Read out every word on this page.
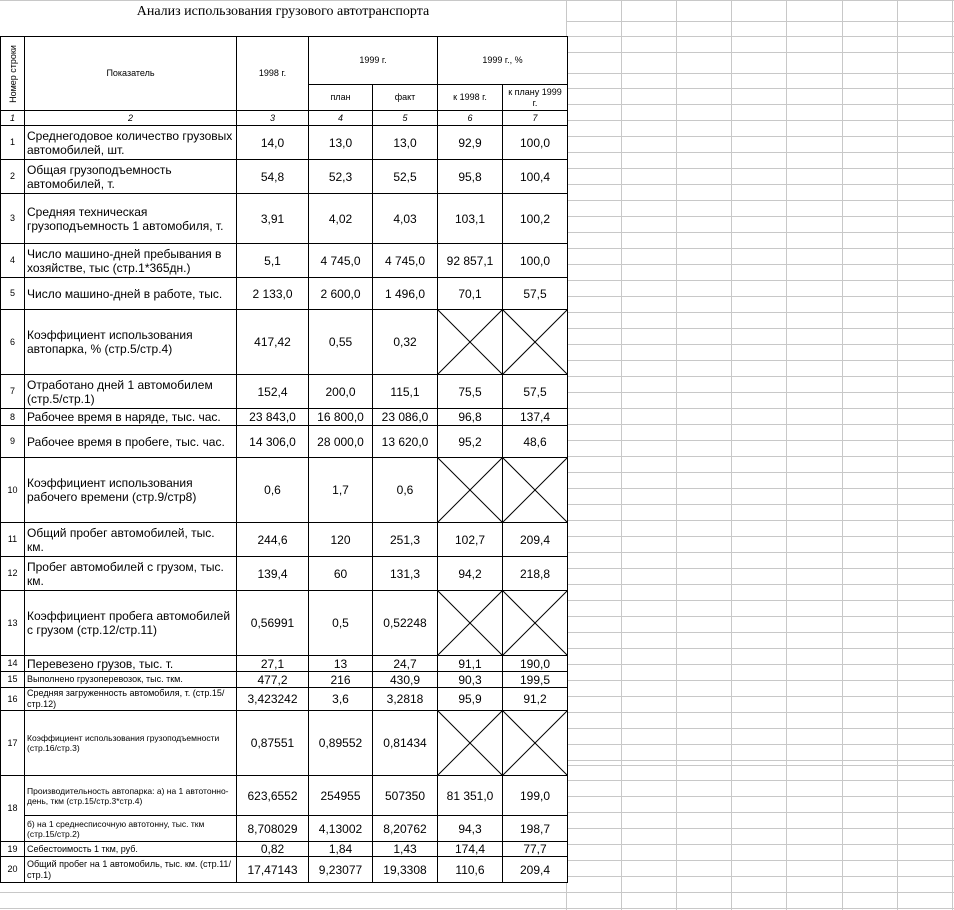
Анализ использования грузового автотранспорта
Номер строки	Показатель	1998 г.	1999 г.		1999 г., %	
			план	факт	к 1998 г.	к плану 1999 г.
1	2	3	4	5	6	7
1	Среднегодовое количество грузовых автомобилей, шт.	14,0	13,0	13,0	92,9	100,0
2	Общая грузоподъемность автомобилей, т.	54,8	52,3	52,5	95,8	100,4
3	Средняя техническая грузоподъемность 1 автомобиля, т.	3,91	4,02	4,03	103,1	100,2
4	Число машино-дней пребывания в хозяйстве, тыс (стр.1*365дн.)	5,1	4 745,0	4 745,0	92 857,1	100,0
5	Число машино-дней в работе, тыс.	2 133,0	2 600,0	1 496,0	70,1	57,5
6	Коэффициент использования автопарка, % (стр.5/стр.4)	417,42	0,55	0,32	

7	Отработано дней 1 автомобилем (стр.5/стр.1)	152,4	200,0	115,1	75,5	57,5
8	Рабочее время в наряде, тыс. час.	23 843,0	16 800,0	23 086,0	96,8	137,4
9	Рабочее время в пробеге, тыс. час.	14 306,0	28 000,0	13 620,0	95,2	48,6
10	Коэффициент использования рабочего времени (стр.9/стр8)	0,6	1,7	0,6	

11	Общий пробег автомобилей, тыс. км.	244,6	120	251,3	102,7	209,4
12	Пробег автомобилей с грузом, тыс. км.	139,4	60	131,3	94,2	218,8
13	Коэффициент пробега автомобилей с грузом (стр.12/стр.11)	0,56991	0,5	0,52248	

14	Перевезено грузов, тыс. т.	27,1	13	24,7	91,1	190,0
15	Выполнено грузоперевозок, тыс. ткм.	477,2	216	430,9	90,3	199,5
16	Средняя загруженность автомобиля, т. (стр.15/стр.12)	3,423242	3,6	3,2818	95,9	91,2
17	Коэффициент использования грузоподъемности (стр.16/стр.3)	0,87551	0,89552	0,81434	

18	Производительность автопарка: а) на 1 автотонно-день, ткм (стр.15/стр.3*стр.4)	623,6552	254955	507350	81 351,0	199,0
	б) на 1 среднесписочную автотонну, тыс. ткм (стр.15/стр.2)	8,708029	4,13002	8,20762	94,3	198,7
19	Себестоимость 1 ткм, руб.	0,82	1,84	1,43	174,4	77,7
20	Общий пробег на 1 автомобиль, тыс. км. (стр.11/стр.1)	17,47143	9,23077	19,3308	110,6	209,4
